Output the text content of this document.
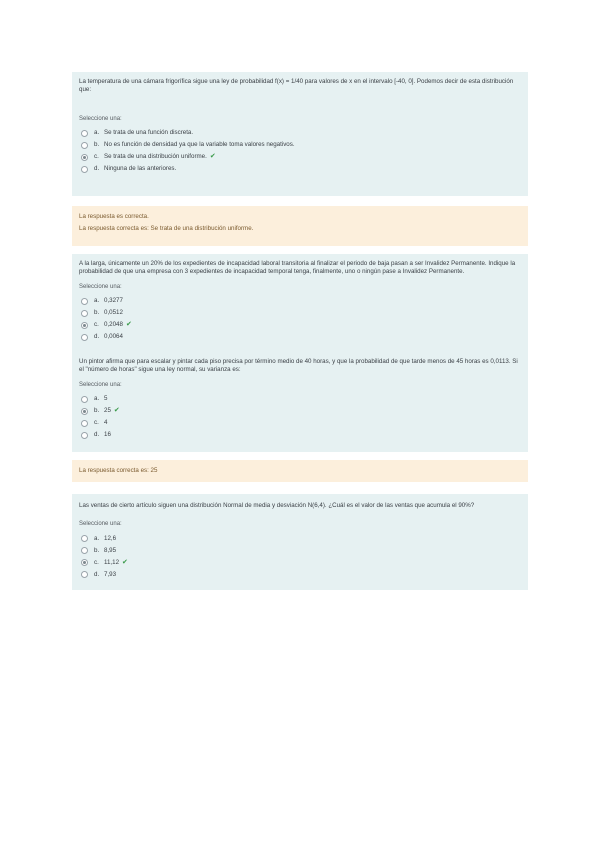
La temperatura de una cámara frigorífica sigue una ley de probabilidad f(x) = 1/40 para valores de x en el intervalo [-40, 0]. Podemos decir de esta distribución que:

Seleccione una:
a. Se trata de una función discreta.
b. No es función de densidad ya que la variable toma valores negativos.
c. Se trata de una distribución uniforme. ✔
d. Ninguna de las anteriores.

La respuesta es correcta.

La respuesta correcta es: Se trata de una distribución uniforme.

A la larga, únicamente un 20% de los expedientes de incapacidad laboral transitoria al finalizar el periodo de baja pasan a ser Invalidez Permanente. Indique la probabilidad de que una empresa con 3 expedientes de incapacidad temporal tenga, finalmente, uno o ningún pase a Invalidez Permanente.

Seleccione una:
a. 0,3277
b. 0,0512
c. 0,2048 ✔
d. 0,0064

Un pintor afirma que para escalar y pintar cada piso precisa por término medio de 40 horas, y que la probabilidad de que tarde menos de 45 horas es 0,0113. Si el "número de horas" sigue una ley normal, su varianza es:

Seleccione una:
a. 5
b. 25 ✔
c. 4
d. 16

La respuesta correcta es: 25

Las ventas de cierto artículo siguen una distribución Normal de media y desviación N(6,4). ¿Cuál es el valor de las ventas que acumula el 90%?

Seleccione una:
a. 12,6
b. 8,95
c. 11,12 ✔
d. 7,93
